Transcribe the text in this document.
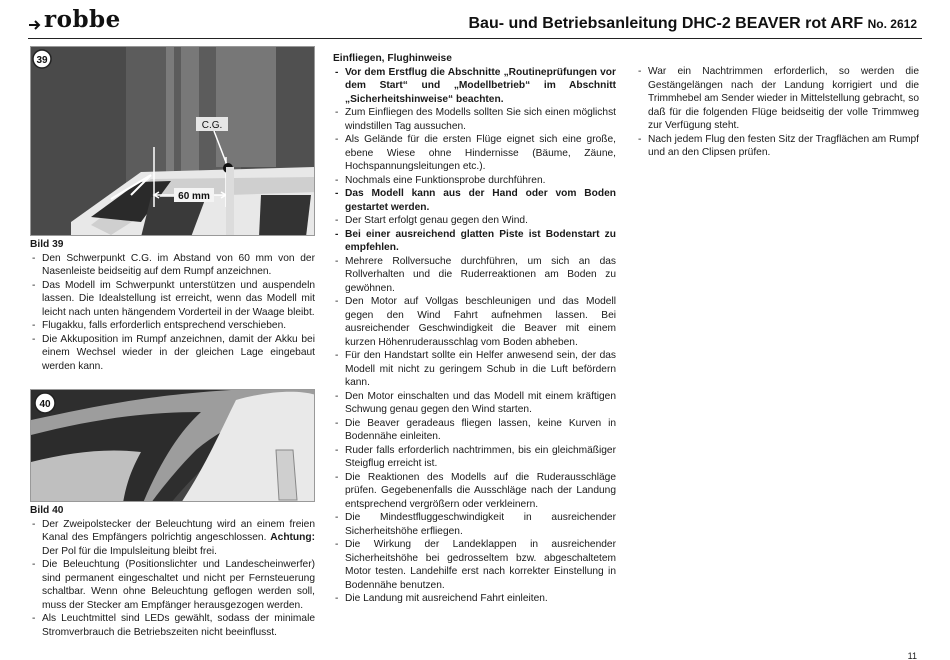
robbe	Bau- und Betriebsanleitung DHC-2 BEAVER rot ARF No. 2612
39
C.G.
60 mm
Bild 39
- Den Schwerpunkt C.G. im Abstand von 60 mm von der Nasenleiste beidseitig auf dem Rumpf anzeichnen.
- Das Modell im Schwerpunkt unterstützen und auspendeln lassen. Die Idealstellung ist erreicht, wenn das Modell mit leicht nach unten hängendem Vorderteil in der Waage bleibt.
- Flugakku, falls erforderlich entsprechend verschieben.
- Die Akkuposition im Rumpf anzeichnen, damit der Akku bei einem Wechsel wieder in der gleichen Lage eingebaut werden kann.
40
Bild 40
- Der Zweipolstecker der Beleuchtung wird an einem freien Kanal des Empfängers polrichtig angeschlossen. Achtung: Der Pol für die Impulsleitung bleibt frei.
- Die Beleuchtung (Positionslichter und Landescheinwerfer) sind permanent eingeschaltet und nicht per Fernsteuerung schaltbar. Wenn ohne Beleuchtung geflogen werden soll, muss der Stecker am Empfänger herausgezogen werden.
- Als Leuchtmittel sind LEDs gewählt, sodass der minimale Stromverbrauch die Betriebszeiten nicht beeinflusst.
Einfliegen, Flughinweise
- Vor dem Erstflug die Abschnitte „Routineprüfungen vor dem Start“ und „Modellbetrieb“ im Abschnitt „Sicherheitshinweise“ beachten.
- Zum Einfliegen des Modells sollten Sie sich einen möglichst windstillen Tag aussuchen.
- Als Gelände für die ersten Flüge eignet sich eine große, ebene Wiese ohne Hindernisse (Bäume, Zäune, Hochspannungsleitungen etc.).
- Nochmals eine Funktionsprobe durchführen.
- Das Modell kann aus der Hand oder vom Boden gestartet werden.
- Der Start erfolgt genau gegen den Wind.
- Bei einer ausreichend glatten Piste ist Bodenstart zu empfehlen.
- Mehrere Rollversuche durchführen, um sich an das Rollverhalten und die Ruderreaktionen am Boden zu gewöhnen.
- Den Motor auf Vollgas beschleunigen und das Modell gegen den Wind Fahrt aufnehmen lassen. Bei ausreichender Geschwindigkeit die Beaver mit einem kurzen Höhenruderausschlag vom Boden abheben.
- Für den Handstart sollte ein Helfer anwesend sein, der das Modell mit nicht zu geringem Schub in die Luft befördern kann.
- Den Motor einschalten und das Modell mit einem kräftigen Schwung genau gegen den Wind starten.
- Die Beaver geradeaus fliegen lassen, keine Kurven in Bodennähe einleiten.
- Ruder falls erforderlich nachtrimmen, bis ein gleichmäßiger Steigflug erreicht ist.
- Die Reaktionen des Modells auf die Ruderausschläge prüfen. Gegebenenfalls die Ausschläge nach der Landung entsprechend vergrößern oder verkleinern.
- Die Mindestfluggeschwindigkeit in ausreichender Sicherheitshöhe erfliegen.
- Die Wirkung der Landeklappen in ausreichender Sicherheitshöhe bei gedrosseltem bzw. abgeschaltetem Motor testen. Landehilfe erst nach korrekter Einstellung in Bodennähe benutzen.
- Die Landung mit ausreichend Fahrt einleiten.
- War ein Nachtrimmen erforderlich, so werden die Gestängelängen nach der Landung korrigiert und die Trimmhebel am Sender wieder in Mittelstellung gebracht, so daß für die folgenden Flüge beidseitig der volle Trimmweg zur Verfügung steht.
- Nach jedem Flug den festen Sitz der Tragflächen am Rumpf und an den Clipsen prüfen.
11
